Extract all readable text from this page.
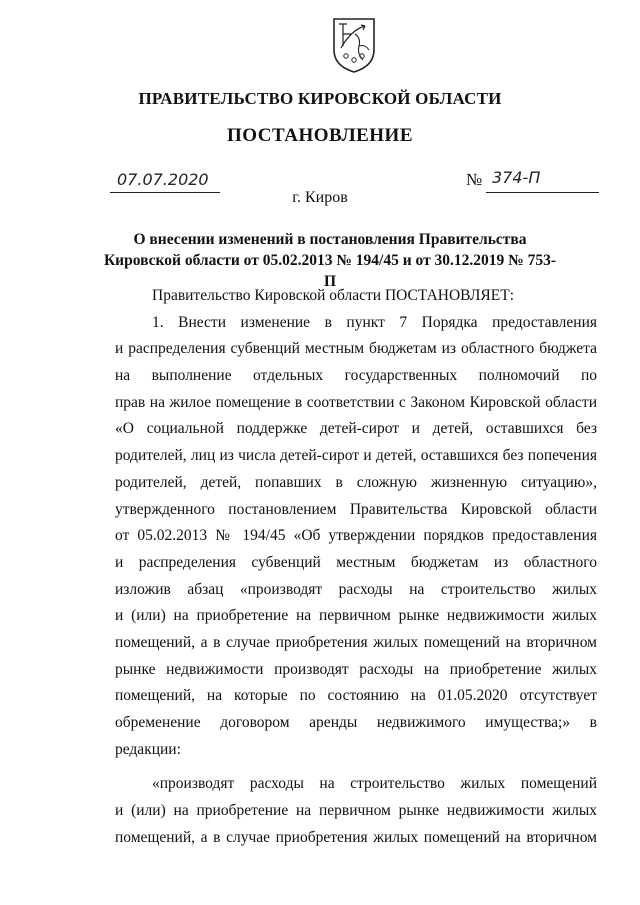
ПРАВИТЕЛЬСТВО КИРОВСКОЙ ОБЛАСТИ
ПОСТАНОВЛЕНИЕ
07.07.2020	№ 374-П
г. Киров
О внесении изменений в постановления Правительства
Кировской области от 05.02.2013 № 194/45 и от 30.12.2019 № 753-П
Правительство Кировской области ПОСТАНОВЛЯЕТ:
1. Внести изменение в пункт 7 Порядка предоставления
и распределения субвенций местным бюджетам из областного бюджета
на выполнение отдельных государственных полномочий по
прав на жилое помещение в соответствии с Законом Кировской области
«О социальной поддержке детей-сирот и детей, оставшихся без
родителей, лиц из числа детей-сирот и детей, оставшихся без попечения
родителей, детей, попавших в сложную жизненную ситуацию»,
утвержденного постановлением Правительства Кировской области
от 05.02.2013 № 194/45 «Об утверждении порядков предоставления
и распределения субвенций местным бюджетам из областного
изложив абзац «производят расходы на строительство жилых
и (или) на приобретение на первичном рынке недвижимости жилых
помещений, а в случае приобретения жилых помещений на вторичном
рынке недвижимости производят расходы на приобретение жилых
помещений, на которые по состоянию на 01.05.2020 отсутствует
обременение договором аренды недвижимого имущества;» в
редакции:
«производят расходы на строительство жилых помещений
и (или) на приобретение на первичном рынке недвижимости жилых
помещений, а в случае приобретения жилых помещений на вторичном
